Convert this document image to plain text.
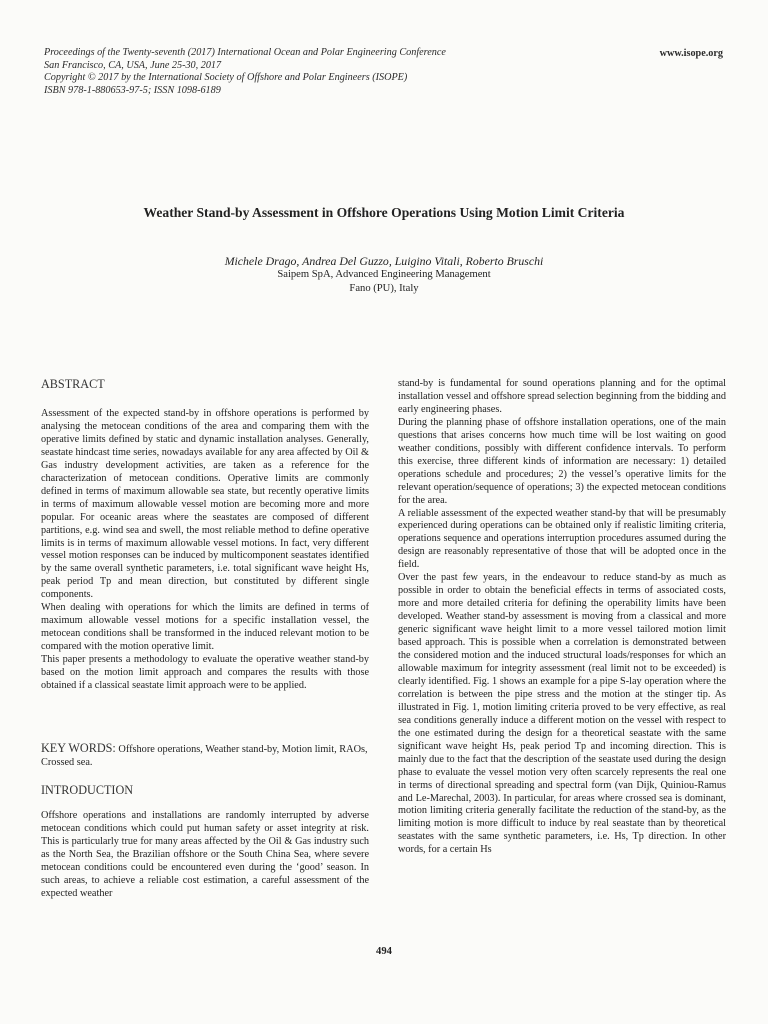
Proceedings of the Twenty-seventh (2017) International Ocean and Polar Engineering Conference
San Francisco, CA, USA, June 25-30, 2017
Copyright © 2017 by the International Society of Offshore and Polar Engineers (ISOPE)
ISBN 978-1-880653-97-5; ISSN 1098-6189
www.isope.org
Weather Stand-by Assessment in Offshore Operations Using Motion Limit Criteria
Michele Drago, Andrea Del Guzzo, Luigino Vitali, Roberto Bruschi
Saipem SpA, Advanced Engineering Management
Fano (PU), Italy
ABSTRACT

Assessment of the expected stand-by in offshore operations is performed by analysing the metocean conditions of the area and comparing them with the operative limits defined by static and dynamic installation analyses. Generally, seastate hindcast time series, nowadays available for any area affected by Oil & Gas industry development activities, are taken as a reference for the characterization of metocean conditions. Operative limits are commonly defined in terms of maximum allowable sea state, but recently operative limits in terms of maximum allowable vessel motion are becoming more and more popular. For oceanic areas where the seastates are composed of different partitions, e.g. wind sea and swell, the most reliable method to define operative limits is in terms of maximum allowable vessel motions. In fact, very different vessel motion responses can be induced by multicomponent seastates identified by the same overall synthetic parameters, i.e. total significant wave height Hs, peak period Tp and mean direction, but constituted by different single components.

When dealing with operations for which the limits are defined in terms of maximum allowable vessel motions for a specific installation vessel, the metocean conditions shall be transformed in the induced relevant motion to be compared with the motion operative limit.

This paper presents a methodology to evaluate the operative weather stand-by based on the motion limit approach and compares the results with those obtained if a classical seastate limit approach were to be applied.

KEY WORDS: Offshore operations, Weather stand-by, Motion limit, RAOs, Crossed sea.
INTRODUCTION

Offshore operations and installations are randomly interrupted by adverse metocean conditions which could put human safety or asset integrity at risk. This is particularly true for many areas affected by the Oil & Gas industry such as the North Sea, the Brazilian offshore or the South China Sea, where severe metocean conditions could be encountered even during the ‘good’ season. In such areas, to achieve a reliable cost estimation, a careful assessment of the expected weather

stand-by is fundamental for sound operations planning and for the optimal installation vessel and offshore spread selection beginning from the bidding and early engineering phases.

During the planning phase of offshore installation operations, one of the main questions that arises concerns how much time will be lost waiting on good weather conditions, possibly with different confidence intervals. To perform this exercise, three different kinds of information are necessary: 1) detailed operations schedule and procedures; 2) the vessel’s operative limits for the relevant operation/sequence of operations; 3) the expected metocean conditions for the area.

A reliable assessment of the expected weather stand-by that will be presumably experienced during operations can be obtained only if realistic limiting criteria, operations sequence and operations interruption procedures assumed during the design are reasonably representative of those that will be adopted once in the field.

Over the past few years, in the endeavour to reduce stand-by as much as possible in order to obtain the beneficial effects in terms of associated costs, more and more detailed criteria for defining the operability limits have been developed. Weather stand-by assessment is moving from a classical and more generic significant wave height limit to a more vessel tailored motion limit based approach. This is possible when a correlation is demonstrated between the considered motion and the induced structural loads/responses for which an allowable maximum for integrity assessment (real limit not to be exceeded) is clearly identified. Fig. 1 shows an example for a pipe S-lay operation where the correlation is between the pipe stress and the motion at the stinger tip. As illustrated in Fig. 1, motion limiting criteria proved to be very effective, as real sea conditions generally induce a different motion on the vessel with respect to the one estimated during the design for a theoretical seastate with the same significant wave height Hs, peak period Tp and incoming direction. This is mainly due to the fact that the description of the seastate used during the design phase to evaluate the vessel motion very often scarcely represents the real one in terms of directional spreading and spectral form (van Dijk, Quiniou-Ramus and Le-Marechal, 2003). In particular, for areas where crossed sea is dominant, motion limiting criteria generally facilitate the reduction of the stand-by, as the limiting motion is more difficult to induce by real seastate than by theoretical seastates with the same synthetic parameters, i.e. Hs, Tp direction. In other words, for a certain Hs

494
